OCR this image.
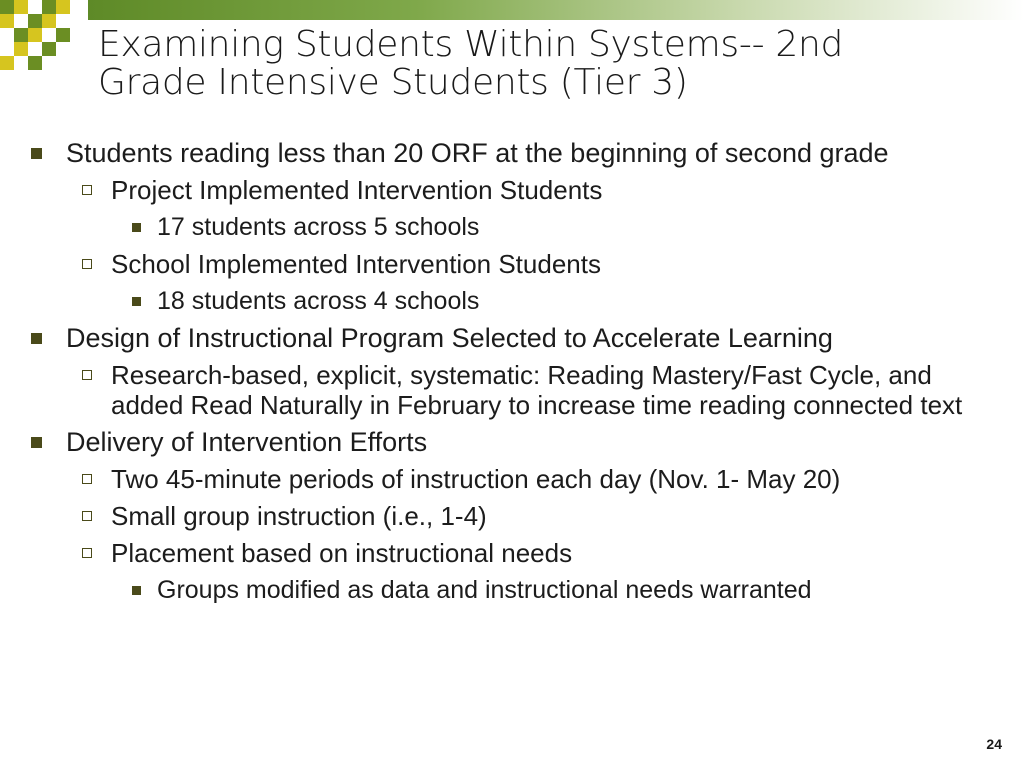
Examining Students Within Systems-- 2nd
Grade Intensive Students (Tier 3)
Students reading less than 20 ORF at the beginning of second grade
Project Implemented Intervention Students
17 students across 5 schools
School Implemented Intervention Students
18 students across 4 schools
Design of Instructional Program Selected to Accelerate Learning
Research-based, explicit, systematic: Reading Mastery/Fast Cycle, and added Read Naturally in February to increase time reading connected text
Delivery of Intervention Efforts
Two 45-minute periods of instruction each day (Nov. 1- May 20)
Small group instruction (i.e., 1-4)
Placement based on instructional needs
Groups modified as data and instructional needs warranted
24
